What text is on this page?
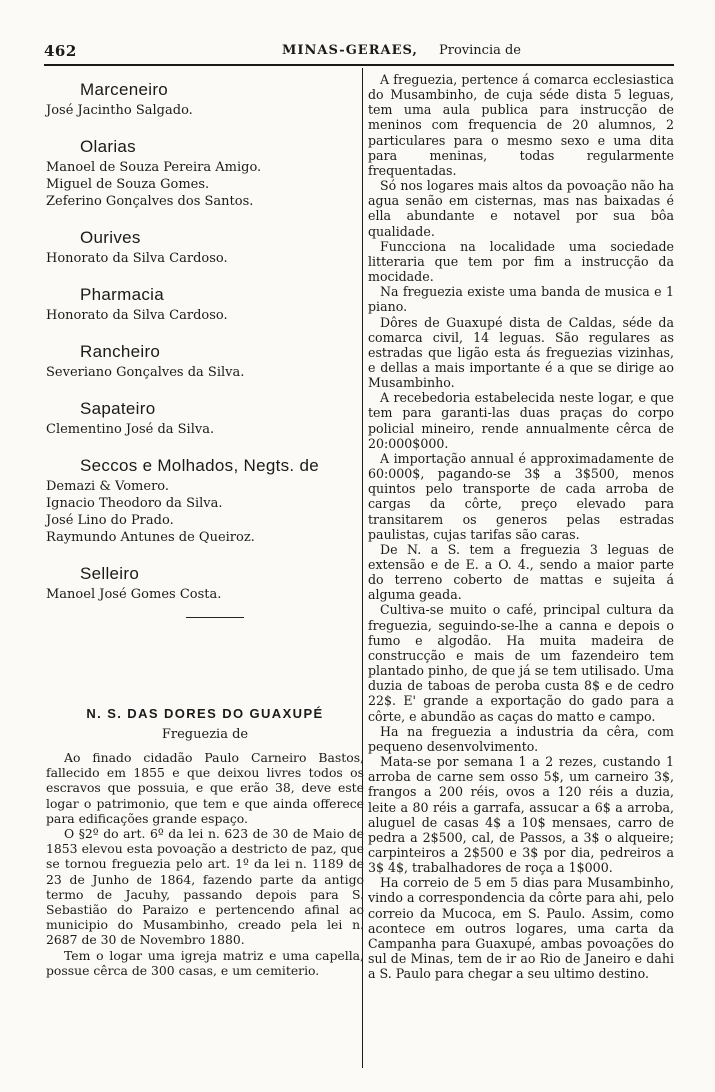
462	MINAS-GERAES, Provincia de
Marceneiro
José Jacintho Salgado.
Olarias
Manoel de Souza Pereira Amigo.
Miguel de Souza Gomes.
Zeferino Gonçalves dos Santos.
Ourives
Honorato da Silva Cardoso.
Pharmacia
Honorato da Silva Cardoso.
Rancheiro
Severiano Gonçalves da Silva.
Sapateiro
Clementino José da Silva.
Seccos e Molhados, Negts. de
Demazi & Vomero.
Ignacio Theodoro da Silva.
José Lino do Prado.
Raymundo Antunes de Queiroz.
Selleiro
Manoel José Gomes Costa.
N. S. DAS DORES DO GUAXUPÉ
Freguezia de

Ao finado cidadão Paulo Carneiro Bastos, fallecido em 1855 e que deixou livres todos os escravos que possuia, e que erão 38, deve este logar o patrimonio, que tem e que ainda offerece para edificações grande espaço.

O §2º do art. 6º da lei n. 623 de 30 de Maio de 1853 elevou esta povoação a destricto de paz, que se tornou freguezia pelo art. 1º da lei n. 1189 de 23 de Junho de 1864, fazendo parte da antigo termo de Jacuhy, passando depois para S. Sebastião do Paraizo e pertencendo afinal ao municipio do Musambinho, creado pela lei n. 2687 de 30 de Novembro 1880.

Tem o logar uma igreja matriz e uma capella, possue cêrca de 300 casas, e um cemiterio.

A freguezia, pertence á comarca ecclesiastica do Musambinho, de cuja séde dista 5 leguas, tem uma aula publica para instrucção de meninos com frequencia de 20 alumnos, 2 particulares para o mesmo sexo e uma dita para meninas, todas regularmente frequentadas.

Só nos logares mais altos da povoação não ha agua senão em cisternas, mas nas baixadas é ella abundante e notavel por sua bôa qualidade.

Funcciona na localidade uma sociedade litteraria que tem por fim a instrucção da mocidade.

Na freguezia existe uma banda de musica e 1 piano.

Dôres de Guaxupé dista de Caldas, séde da comarca civil, 14 leguas. São regulares as estradas que ligão esta ás freguezias vizinhas, e dellas a mais importante é a que se dirige ao Musambinho.

A recebedoria estabelecida neste logar, e que tem para garanti-las duas praças do corpo policial mineiro, rende annualmente cêrca de 20:000$000.

A importação annual é approximadamente de 60:000$, pagando-se 3$ a 3$500, menos quintos pelo transporte de cada arroba de cargas da côrte, preço elevado para transitarem os generos pelas estradas paulistas, cujas tarifas são caras.

De N. a S. tem a freguezia 3 leguas de extensão e de E. a O. 4., sendo a maior parte do terreno coberto de mattas e sujeita á alguma geada.

Cultiva-se muito o café, principal cultura da freguezia, seguindo-se-lhe a canna e depois o fumo e algodão. Ha muita madeira de construcção e mais de um fazendeiro tem plantado pinho, de que já se tem utilisado. Uma duzia de taboas de peroba custa 8$ e de cedro 22$. E' grande a exportação do gado para a côrte, e abundão as caças do matto e campo.

Ha na freguezia a industria da cêra, com pequeno desenvolvimento.

Mata-se por semana 1 a 2 rezes, custando 1 arroba de carne sem osso 5$, um carneiro 3$, frangos a 200 réis, ovos a 120 réis a duzia, leite a 80 réis a garrafa, assucar a 6$ a arroba, aluguel de casas 4$ a 10$ mensaes, carro de pedra a 2$500, cal, de Passos, a 3$ o alqueire; carpinteiros a 2$500 e 3$ por dia, pedreiros a 3$ 4$, trabalhadores de roça a 1$000.

Ha correio de 5 em 5 dias para Musambinho, vindo a correspondencia da côrte para ahi, pelo correio da Mucoca, em S. Paulo. Assim, como acontece em outros logares, uma carta da Campanha para Guaxupé, ambas povoações do sul de Minas, tem de ir ao Rio de Janeiro e dahi a S. Paulo para chegar a seu ultimo destino.
